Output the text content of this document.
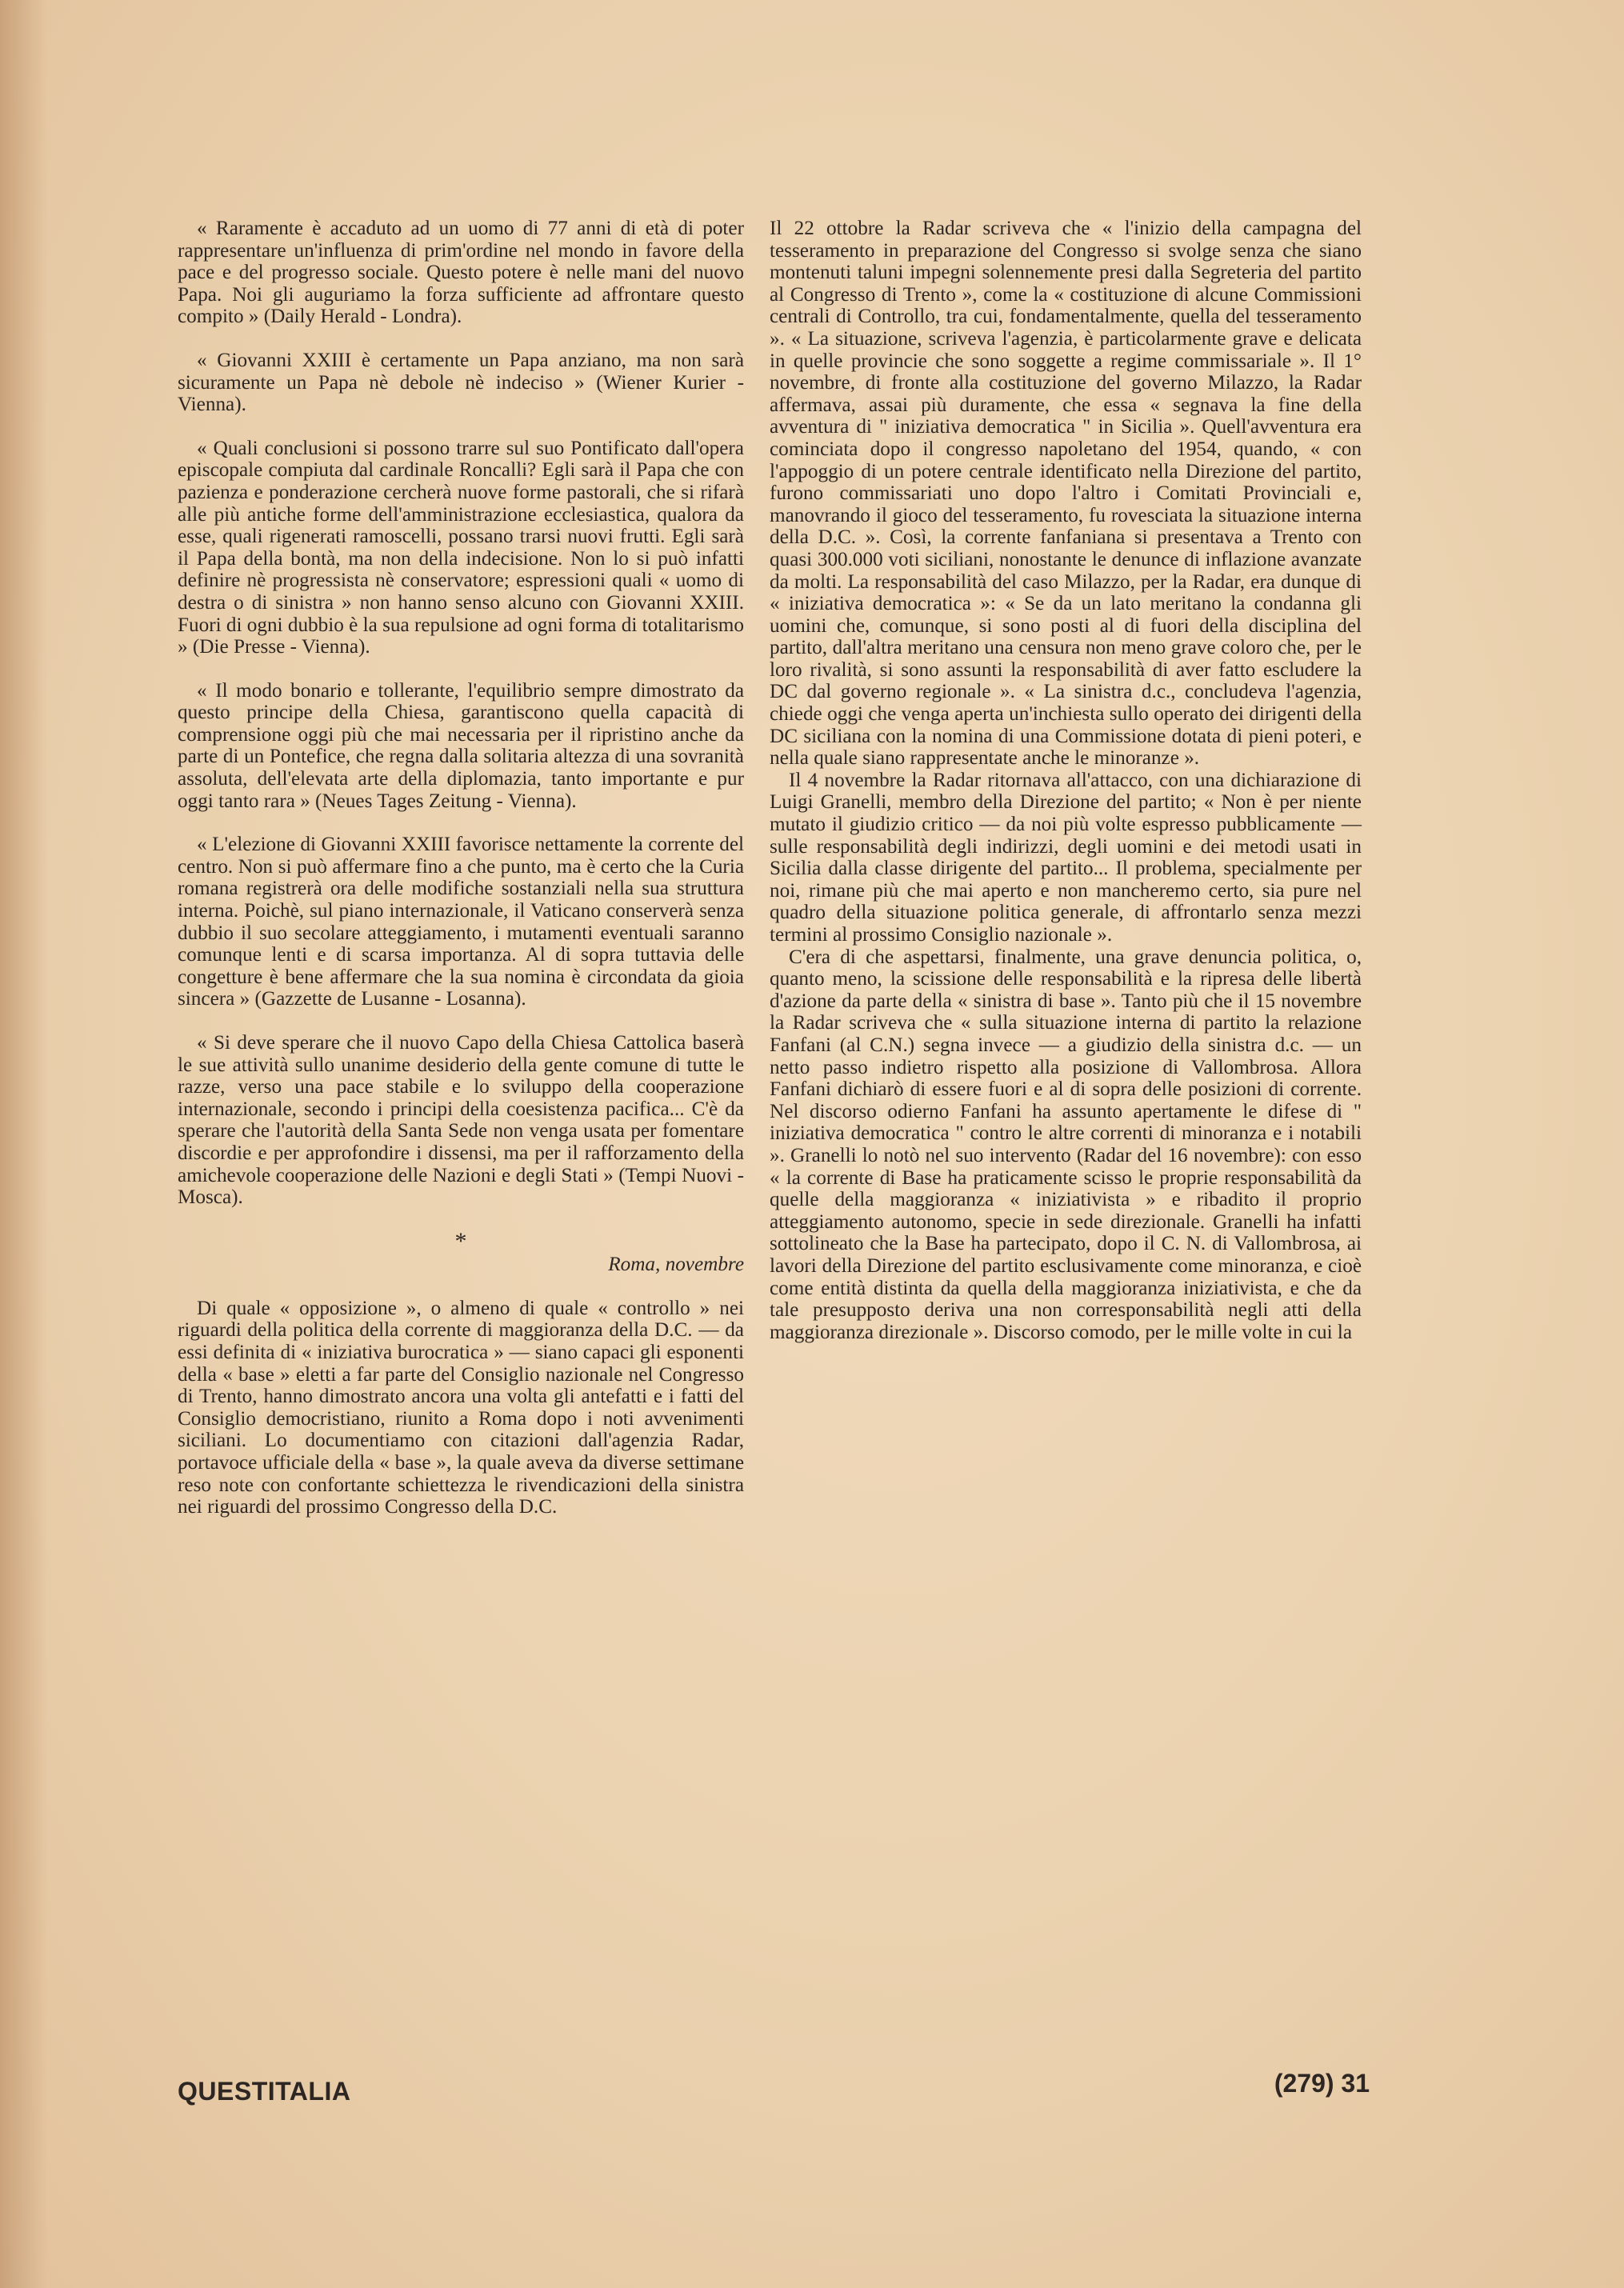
« Raramente è accaduto ad un uomo di 77 anni di età di poter rappresentare un'influenza di prim'ordine nel mondo in favore della pace e del progresso sociale. Questo potere è nelle mani del nuovo Papa. Noi gli auguriamo la forza sufficiente ad affrontare questo compito » (Daily Herald - Londra).

« Giovanni XXIII è certamente un Papa anziano, ma non sarà sicuramente un Papa nè debole nè indeciso » (Wiener Kurier - Vienna).

« Quali conclusioni si possono trarre sul suo Pontificato dall'opera episcopale compiuta dal cardinale Roncalli? Egli sarà il Papa che con pazienza e ponderazione cercherà nuove forme pastorali, che si rifarà alle più antiche forme dell'amministrazione ecclesiastica, qualora da esse, quali rigenerati ramoscelli, possano trarsi nuovi frutti. Egli sarà il Papa della bontà, ma non della indecisione. Non lo si può infatti definire nè progressista nè conservatore; espressioni quali « uomo di destra o di sinistra » non hanno senso alcuno con Giovanni XXIII. Fuori di ogni dubbio è la sua repulsione ad ogni forma di totalitarismo » (Die Presse - Vienna).

« Il modo bonario e tollerante, l'equilibrio sempre dimostrato da questo principe della Chiesa, garantiscono quella capacità di comprensione oggi più che mai necessaria per il ripristino anche da parte di un Pontefice, che regna dalla solitaria altezza di una sovranità assoluta, dell'elevata arte della diplomazia, tanto importante e pur oggi tanto rara » (Neues Tages Zeitung - Vienna).

« L'elezione di Giovanni XXIII favorisce nettamente la corrente del centro. Non si può affermare fino a che punto, ma è certo che la Curia romana registrerà ora delle modifiche sostanziali nella sua struttura interna. Poichè, sul piano internazionale, il Vaticano conserverà senza dubbio il suo secolare atteggiamento, i mutamenti eventuali saranno comunque lenti e di scarsa importanza. Al di sopra tuttavia delle congetture è bene affermare che la sua nomina è circondata da gioia sincera » (Gazzette de Lusanne - Losanna).

« Si deve sperare che il nuovo Capo della Chiesa Cattolica baserà le sue attività sullo unanime desiderio della gente comune di tutte le razze, verso una pace stabile e lo sviluppo della cooperazione internazionale, secondo i principi della coesistenza pacifica... C'è da sperare che l'autorità della Santa Sede non venga usata per fomentare discordie e per approfondire i dissensi, ma per il rafforzamento della amichevole cooperazione delle Nazioni e degli Stati » (Tempi Nuovi - Mosca).

*
Roma, novembre

Di quale « opposizione », o almeno di quale « controllo » nei riguardi della politica della corrente di maggioranza della D.C. — da essi definita di « iniziativa burocratica » — siano capaci gli esponenti della « base » eletti a far parte del Consiglio nazionale nel Congresso di Trento, hanno dimostrato ancora una volta gli antefatti e i fatti del Consiglio democristiano, riunito a Roma dopo i noti avvenimenti siciliani. Lo documentiamo con citazioni dall'agenzia Radar, portavoce ufficiale della « base », la quale aveva da diverse settimane reso note con confortante schiettezza le rivendicazioni della sinistra nei riguardi del prossimo Congresso della D.C.

Il 22 ottobre la Radar scriveva che « l'inizio della campagna del tesseramento in preparazione del Congresso si svolge senza che siano montenuti taluni impegni solennemente presi dalla Segreteria del partito al Congresso di Trento », come la « costituzione di alcune Commissioni centrali di Controllo, tra cui, fondamentalmente, quella del tesseramento ». « La situazione, scriveva l'agenzia, è particolarmente grave e delicata in quelle provincie che sono soggette a regime commissariale ». Il 1° novembre, di fronte alla costituzione del governo Milazzo, la Radar affermava, assai più duramente, che essa « segnava la fine della avventura di " iniziativa democratica " in Sicilia ». Quell'avventura era cominciata dopo il congresso napoletano del 1954, quando, « con l'appoggio di un potere centrale identificato nella Direzione del partito, furono commissariati uno dopo l'altro i Comitati Provinciali e, manovrando il gioco del tesseramento, fu rovesciata la situazione interna della D.C. ». Così, la corrente fanfaniana si presentava a Trento con quasi 300.000 voti siciliani, nonostante le denunce di inflazione avanzate da molti. La responsabilità del caso Milazzo, per la Radar, era dunque di « iniziativa democratica »: « Se da un lato meritano la condanna gli uomini che, comunque, si sono posti al di fuori della disciplina del partito, dall'altra meritano una censura non meno grave coloro che, per le loro rivalità, si sono assunti la responsabilità di aver fatto escludere la DC dal governo regionale ». « La sinistra d.c., concludeva l'agenzia, chiede oggi che venga aperta un'inchiesta sullo operato dei dirigenti della DC siciliana con la nomina di una Commissione dotata di pieni poteri, e nella quale siano rappresentate anche le minoranze ».

Il 4 novembre la Radar ritornava all'attacco, con una dichiarazione di Luigi Granelli, membro della Direzione del partito; « Non è per niente mutato il giudizio critico — da noi più volte espresso pubblicamente — sulle responsabilità degli indirizzi, degli uomini e dei metodi usati in Sicilia dalla classe dirigente del partito... Il problema, specialmente per noi, rimane più che mai aperto e non mancheremo certo, sia pure nel quadro della situazione politica generale, di affrontarlo senza mezzi termini al prossimo Consiglio nazionale ».

C'era di che aspettarsi, finalmente, una grave denuncia politica, o, quanto meno, la scissione delle responsabilità e la ripresa delle libertà d'azione da parte della « sinistra di base ». Tanto più che il 15 novembre la Radar scriveva che « sulla situazione interna di partito la relazione Fanfani (al C.N.) segna invece — a giudizio della sinistra d.c. — un netto passo indietro rispetto alla posizione di Vallombrosa. Allora Fanfani dichiarò di essere fuori e al di sopra delle posizioni di corrente. Nel discorso odierno Fanfani ha assunto apertamente le difese di " iniziativa democratica " contro le altre correnti di minoranza e i notabili ». Granelli lo notò nel suo intervento (Radar del 16 novembre): con esso « la corrente di Base ha praticamente scisso le proprie responsabilità da quelle della maggioranza « iniziativista » e ribadito il proprio atteggiamento autonomo, specie in sede direzionale. Granelli ha infatti sottolineato che la Base ha partecipato, dopo il C. N. di Vallombrosa, ai lavori della Direzione del partito esclusivamente come minoranza, e cioè come entità distinta da quella della maggioranza iniziativista, e che da tale presupposto deriva una non corresponsabilità negli atti della maggioranza direzionale ». Discorso comodo, per le mille volte in cui la

QUESTITALIA	(279) 31
